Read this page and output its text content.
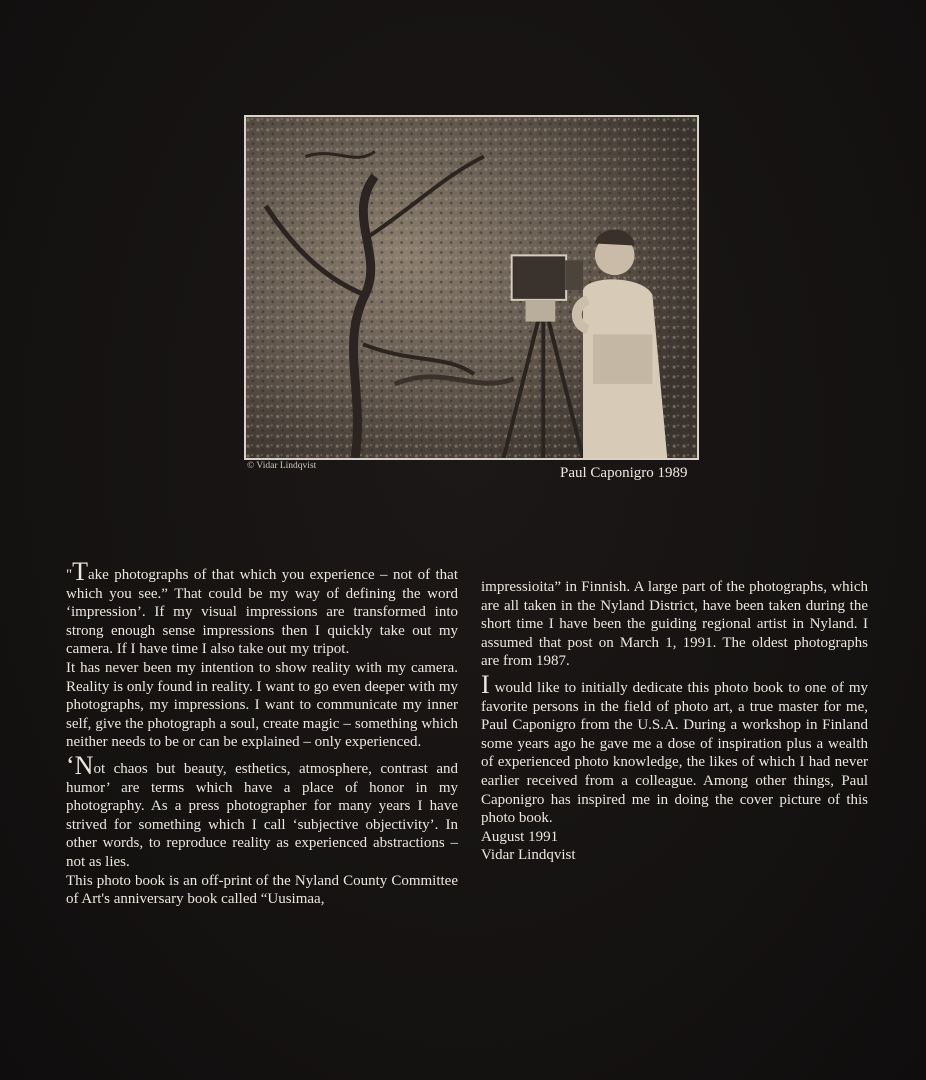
© Vidar Lindqvist	Paul Caponigro 1989

"Take photographs of that which you experience – not of that which you see.” That could be my way of defining the word ‘impression’. If my visual impressions are transformed into strong enough sense impressions then I quickly take out my camera. If I have time I also take out my tripot.

It has never been my intention to show reality with my camera. Reality is only found in reality. I want to go even deeper with my photographs, my impressions. I want to communicate my inner self, give the photograph a soul, create magic – something which neither needs to be or can be explained – only experienced.

‘Not chaos but beauty, esthetics, atmosphere, contrast and humor’ are terms which have a place of honor in my photography. As a press photographer for many years I have strived for something which I call ‘subjective objectivity’. In other words, to reproduce reality as experienced abstractions – not as lies.

This photo book is an off-print of the Nyland County Committee of Art's anniversary book called “Uusimaa,

impressioita” in Finnish. A large part of the photographs, which are all taken in the Nyland District, have been taken during the short time I have been the guiding regional artist in Nyland. I assumed that post on March 1, 1991. The oldest photographs are from 1987.

I would like to initially dedicate this photo book to one of my favorite persons in the field of photo art, a true master for me, Paul Caponigro from the U.S.A. During a workshop in Finland some years ago he gave me a dose of inspiration plus a wealth of experienced photo knowledge, the likes of which I had never earlier received from a colleague. Among other things, Paul Caponigro has inspired me in doing the cover picture of this photo book.

August 1991

Vidar Lindqvist
